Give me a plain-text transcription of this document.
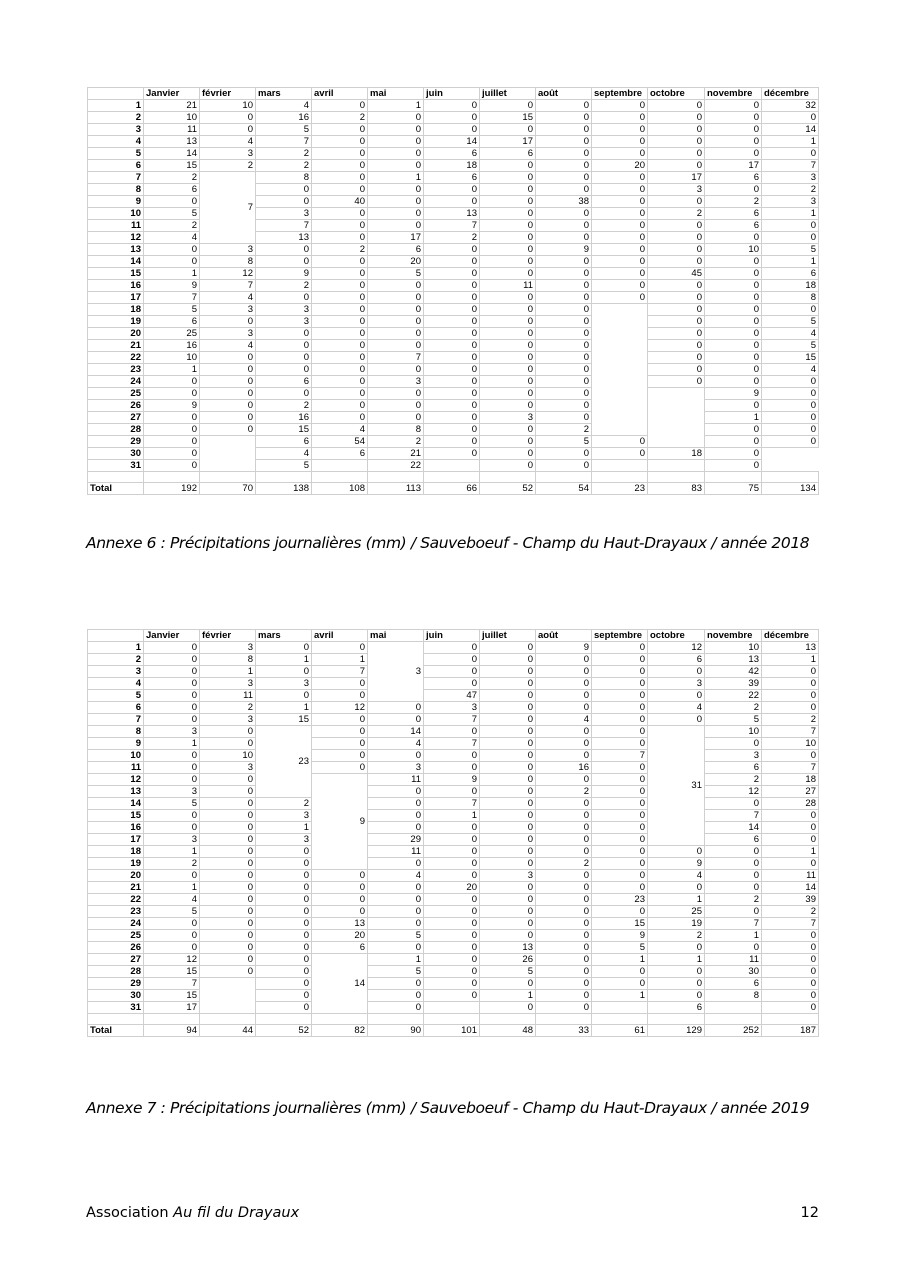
	Janvier	février	mars	avril	mai	juin	juillet	août	septembre	octobre	novembre	décembre
1	21	10	4	0	1	0	0	0	0	0	0	32
2	10	0	16	2	0	0	15	0	0	0	0	0
3	11	0	5	0	0	0	0	0	0	0	0	14
4	13	4	7	0	0	14	17	0	0	0	0	1
5	14	3	2	0	0	6	6	0	0	0	0	0
6	15	2	2	0	0	18	0	0	20	0	17	7
7	2	7	8	0	1	6	0	0	0	17	6	3
8	6		0	0	0	0	0	0	0	3	0	2
9	0		0	40	0	0	0	38	0	0	2	3
10	5		3	0	0	13	0	0	0	2	6	1
11	2		7	0	0	7	0	0	0	0	6	0
12	4		13	0	17	2	0	0	0	0	0	0
13	0	3	0	2	6	0	0	9	0	0	10	5
14	0	8	0	0	20	0	0	0	0	0	0	1
15	1	12	9	0	5	0	0	0	0	45	0	6
16	9	7	2	0	0	0	11	0	0	0	0	18
17	7	4	0	0	0	0	0	0	0	0	0	8
18	5	3	3	0	0	0	0	0		0	0	0
19	6	0	3	0	0	0	0	0		0	0	5
20	25	3	0	0	0	0	0	0		0	0	4
21	16	4	0	0	0	0	0	0		0	0	5
22	10	0	0	0	7	0	0	0		0	0	15
23	1	0	0	0	0	0	0	0		0	0	4
24	0	0	6	0	3	0	0	0		0	0	0
25	0	0	0	0	0	0	0	0			9	0
26	9	0	2	0	0	0	0	0			0	0
27	0	0	16	0	0	0	3	0			1	0
28	0	0	15	4	8	0	0	2			0	0
29	0		6	54	2	0	0	5	0		0	0
30	0		4	6	21	0	0	0	0	18	0	
31	0		5		22		0	0			0	

Total	192	70	138	108	113	66	52	54	23	83	75	134

Annexe 6 : Précipitations journalières (mm) / Sauveboeuf - Champ du Haut-Drayaux / année 2018

	Janvier	février	mars	avril	mai	juin	juillet	août	septembre	octobre	novembre	décembre	
1	0	3	0	0	3	0	0	9	0	12	10	13	
2	0	8	1	1		0	0	0	0	6	13	1	
3	0	1	0	7		0	0	0	0	0	42	0	
4	0	3	3	0		0	0	0	0	3	39	0	
5	0	11	0	0		47	0	0	0	0	22	0	
6	0	2	1	12	0	3	0	0	0	4	2	0	
7	0	3	15	0	0	7	0	4	0	0	5	2	
8	3	0	23	0	14	0	0	0	0	31	10	7	
9	1	0		0	4	7	0	0	0		0	10	
10	0	10		0	0	0	0	0	7		3	0	
11	0	3		0	3	0	0	16	0		6	7	
12	0	0		9	11	9	0	0	0		2	18	
13	3	0			0	0	0	2	0		12	27	
14	5	0	2		0	7	0	0	0		0	28	
15	0	0	3		0	1	0	0	0		7	0	
16	0	0	1		0	0	0	0	0		14	0	
17	3	0	3		29	0	0	0	0		6	0	
18	1	0	0		11	0	0	0	0	0	0	1	
19	2	0	0		0	0	0	2	0	9	0	0	
20	0	0	0	0	4	0	3	0	0	4	0	11	
21	1	0	0	0	0	20	0	0	0	0	0	14	
22	4	0	0	0	0	0	0	0	23	1	2	39	
23	5	0	0	0	0	0	0	0	0	25	0	2	
24	0	0	0	13	0	0	0	0	15	19	7	7	
25	0	0	0	20	5	0	0	0	9	2	1	0	
26	0	0	0	6	0	0	13	0	5	0	0	0	
27	12	0	0	14	1	0	26	0	1	1	11	0	
28	15	0	0		5	0	5	0	0	0	30	0	
29	7		0		0	0	0	0	0	0	6	0	
30	15		0		0	0	1	0	1	0	8	0	
31	17		0		0		0	0		6		0	

Total	94	44	52	82	90	101	48	33	61	129	252	187	

Annexe 7 : Précipitations journalières (mm) / Sauveboeuf - Champ du Haut-Drayaux / année 2019

Association Au fil du Drayaux	12
